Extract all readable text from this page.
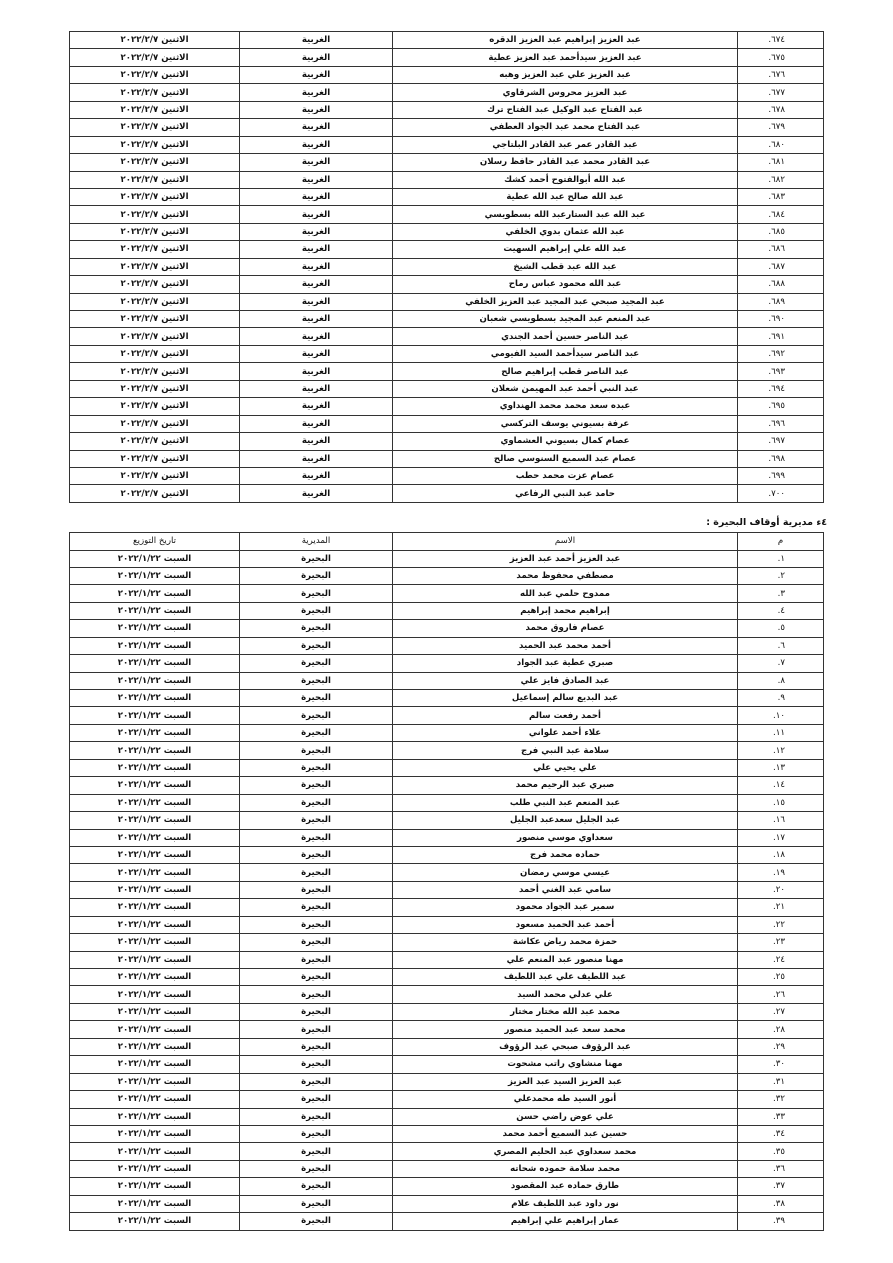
٦٧٤.	عبد العزيز إبراهيم عبد العزيز الدقره	الغربية	الاثنين ٢٠٢٢/٢/٧
٦٧٥.	عبد العزيز سيدأحمد عبد العزيز عطية	الغربية	الاثنين ٢٠٢٢/٢/٧
٦٧٦.	عبد العزيز علي عبد العزيز وهبه	الغربية	الاثنين ٢٠٢٢/٢/٧
٦٧٧.	عبد العزيز محروس الشرقاوي	الغربية	الاثنين ٢٠٢٢/٢/٧
٦٧٨.	عبد الفتاح عبد الوكيل عبد الفتاح ترك	الغربية	الاثنين ٢٠٢٢/٢/٧
٦٧٩.	عبد الفتاح محمد عبد الجواد العطفي	الغربية	الاثنين ٢٠٢٢/٢/٧
٦٨٠.	عبد القادر عمر عبد القادر البلتاجي	الغربية	الاثنين ٢٠٢٢/٢/٧
٦٨١.	عبد القادر محمد عبد القادر حافظ رسلان	الغربية	الاثنين ٢٠٢٢/٢/٧
٦٨٢.	عبد الله أبوالفتوح أحمد كشك	الغربية	الاثنين ٢٠٢٢/٢/٧
٦٨٣.	عبد الله صالح عبد الله عطية	الغربية	الاثنين ٢٠٢٢/٢/٧
٦٨٤.	عبد الله عبد الستارعبد الله بسطويسي	الغربية	الاثنين ٢٠٢٢/٢/٧
٦٨٥.	عبد الله عثمان بدوي الخلفي	الغربية	الاثنين ٢٠٢٢/٢/٧
٦٨٦.	عبد الله علي إبراهيم السهيت	الغربية	الاثنين ٢٠٢٢/٢/٧
٦٨٧.	عبد الله عبد قطب الشيخ	الغربية	الاثنين ٢٠٢٢/٢/٧
٦٨٨.	عبد الله محمود عباس رماح	الغربية	الاثنين ٢٠٢٢/٢/٧
٦٨٩.	عبد المجيد صبحي عبد المجيد عبد العزيز الخلفي	الغربية	الاثنين ٢٠٢٢/٢/٧
٦٩٠.	عبد المنعم عبد المجيد بسطويسي شعبان	الغربية	الاثنين ٢٠٢٢/٢/٧
٦٩١.	عبد الناصر حسين أحمد الجندي	الغربية	الاثنين ٢٠٢٢/٢/٧
٦٩٢.	عبد الناصر سيدأحمد السيد الفيومي	الغربية	الاثنين ٢٠٢٢/٢/٧
٦٩٣.	عبد الناصر قطب إبراهيم صالح	الغربية	الاثنين ٢٠٢٢/٢/٧
٦٩٤.	عبد النبي أحمد عبد المهيمن شعلان	الغربية	الاثنين ٢٠٢٢/٢/٧
٦٩٥.	عبده سعد محمد محمد الهنداوي	الغربية	الاثنين ٢٠٢٢/٢/٧
٦٩٦.	عرفة بسيوني يوسف التركسي	الغربية	الاثنين ٢٠٢٢/٢/٧
٦٩٧.	عصام كمال بسيوني العشماوي	الغربية	الاثنين ٢٠٢٢/٢/٧
٦٩٨.	عصام عبد السميع السنوسي صالح	الغربية	الاثنين ٢٠٢٢/٢/٧
٦٩٩.	عصام عزت محمد حطب	الغربية	الاثنين ٢٠٢٢/٢/٧
٧٠٠.	حامد عبد النبي الرفاعي	الغربية	الاثنين ٢٠٢٢/٢/٧

٤ء مديرية أوقاف البحيرة :

م	الاسم	المديرية	تاريخ التوزيع
١.	عبد العزيز أحمد عبد العزيز	البحيرة	السبت ٢٠٢٢/١/٢٢
٢.	مصطفي محفوظ محمد	البحيرة	السبت ٢٠٢٢/١/٢٢
٣.	ممدوح حلمي عبد الله	البحيرة	السبت ٢٠٢٢/١/٢٢
٤.	إبراهيم محمد إبراهيم	البحيرة	السبت ٢٠٢٢/١/٢٢
٥.	عصام فاروق محمد	البحيرة	السبت ٢٠٢٢/١/٢٢
٦.	أحمد محمد عبد الحميد	البحيرة	السبت ٢٠٢٢/١/٢٢
٧.	صبري عطية عبد الجواد	البحيرة	السبت ٢٠٢٢/١/٢٢
٨.	عبد الصادق فايز علي	البحيرة	السبت ٢٠٢٢/١/٢٢
٩.	عبد البديع سالم إسماعيل	البحيرة	السبت ٢٠٢٢/١/٢٢
١٠.	أحمد رفعت سالم	البحيرة	السبت ٢٠٢٢/١/٢٢
١١.	علاء أحمد علواني	البحيرة	السبت ٢٠٢٢/١/٢٢
١٢.	سلامة عبد النبي فرج	البحيرة	السبت ٢٠٢٢/١/٢٢
١٣.	علي يحيي علي	البحيرة	السبت ٢٠٢٢/١/٢٢
١٤.	صبري عبد الرحيم محمد	البحيرة	السبت ٢٠٢٢/١/٢٢
١٥.	عبد المنعم عبد النبي طلب	البحيرة	السبت ٢٠٢٢/١/٢٢
١٦.	عبد الجليل سعدعبد الجليل	البحيرة	السبت ٢٠٢٢/١/٢٢
١٧.	سعداوي موسي منصور	البحيرة	السبت ٢٠٢٢/١/٢٢
١٨.	حماده محمد فرج	البحيرة	السبت ٢٠٢٢/١/٢٢
١٩.	عيسي موسي رمضان	البحيرة	السبت ٢٠٢٢/١/٢٢
٢٠.	سامي عبد الغني أحمد	البحيرة	السبت ٢٠٢٢/١/٢٢
٢١.	سمير عبد الجواد محمود	البحيرة	السبت ٢٠٢٢/١/٢٢
٢٢.	أحمد عبد الحميد مسعود	البحيرة	السبت ٢٠٢٢/١/٢٢
٢٣.	حمزة محمد رياض عكاشة	البحيرة	السبت ٢٠٢٢/١/٢٢
٢٤.	مهنا منصور عبد المنعم علي	البحيرة	السبت ٢٠٢٢/١/٢٢
٢٥.	عبد اللطيف علي عبد اللطيف	البحيرة	السبت ٢٠٢٢/١/٢٢
٢٦.	علي عدلي محمد السيد	البحيرة	السبت ٢٠٢٢/١/٢٢
٢٧.	محمد عبد الله مختار مختار	البحيرة	السبت ٢٠٢٢/١/٢٢
٢٨.	محمد سعد عبد الحميد منصور	البحيرة	السبت ٢٠٢٢/١/٢٢
٢٩.	عبد الرؤوف صبحي عبد الرؤوف	البحيرة	السبت ٢٠٢٢/١/٢٢
٣٠.	مهنا منشاوي راتب مشحوت	البحيرة	السبت ٢٠٢٢/١/٢٢
٣١.	عبد العزيز السيد عبد العزيز	البحيرة	السبت ٢٠٢٢/١/٢٢
٣٢.	أنور السيد طه محمدعلي	البحيرة	السبت ٢٠٢٢/١/٢٢
٣٣.	علي عوض راضي حسن	البحيرة	السبت ٢٠٢٢/١/٢٢
٣٤.	حسين عبد السميع أحمد محمد	البحيرة	السبت ٢٠٢٢/١/٢٢
٣٥.	محمد سعداوي عبد الحليم المصري	البحيرة	السبت ٢٠٢٢/١/٢٢
٣٦.	محمد سلامة حموده شحاته	البحيرة	السبت ٢٠٢٢/١/٢٢
٣٧.	طارق حماده عبد المقصود	البحيرة	السبت ٢٠٢٢/١/٢٢
٣٨.	نور داود عبد اللطيف علام	البحيرة	السبت ٢٠٢٢/١/٢٢
٣٩.	عمار إبراهيم علي إبراهيم	البحيرة	السبت ٢٠٢٢/١/٢٢
